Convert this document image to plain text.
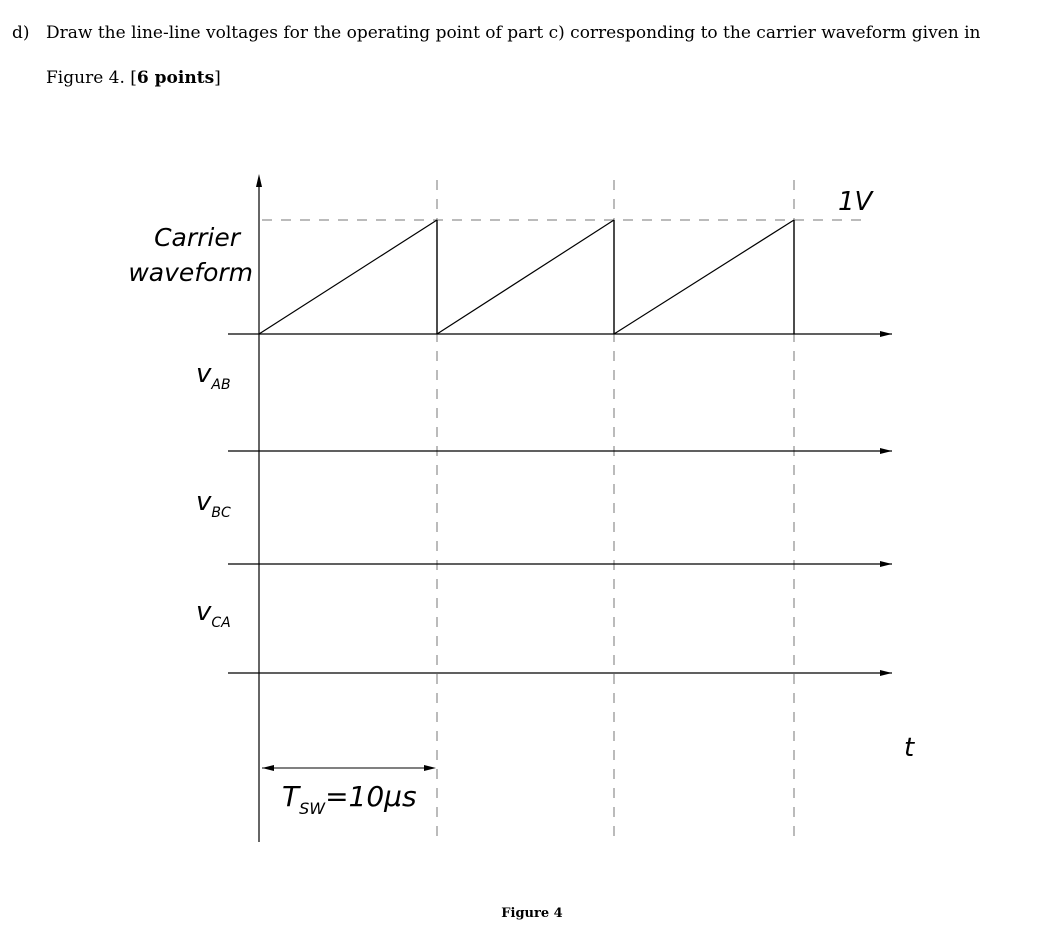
d) Draw the line-line voltages for the operating point of part c) corresponding to the carrier waveform given in
Figure 4. [6 points]
Carrier
waveform
1V
$v_{AB}$
$v_{BC}$
$v_{CA}$
t
$T_{SW}=10\mu s$
Figure 4
